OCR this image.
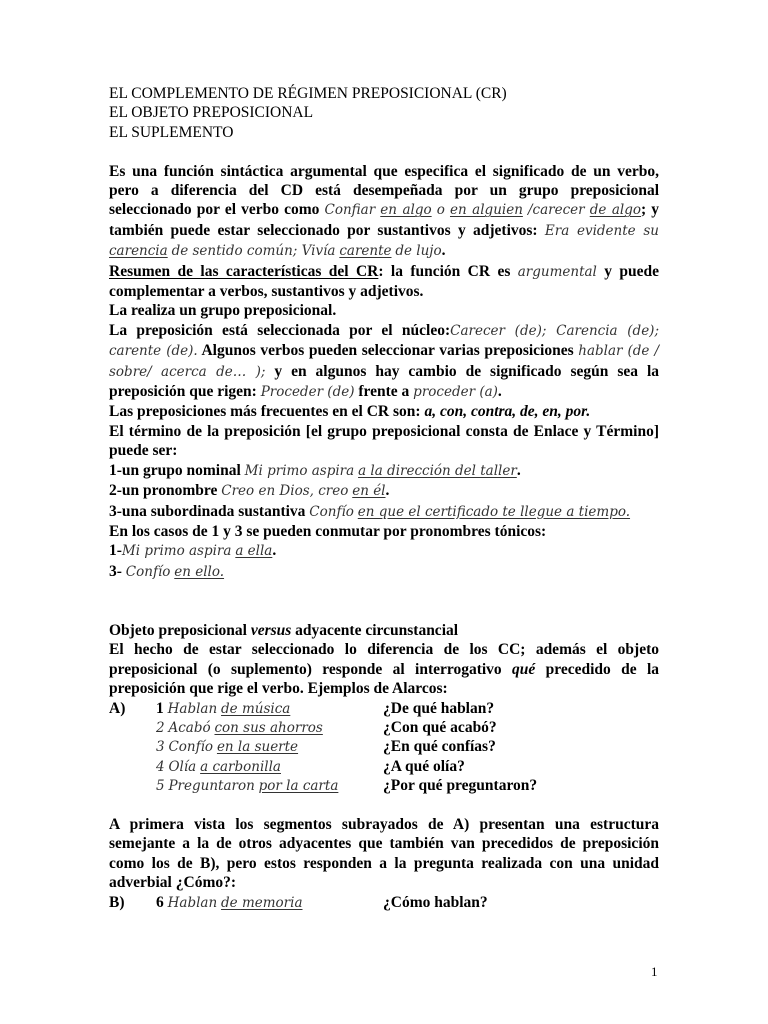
EL COMPLEMENTO DE RÉGIMEN PREPOSICIONAL (CR)
EL OBJETO PREPOSICIONAL
EL SUPLEMENTO
Es una función sintáctica argumental que especifica el significado de un verbo, pero a diferencia del CD está desempeñada por un grupo preposicional seleccionado por el verbo como Confiar en algo o en alguien /carecer de algo; y también puede estar seleccionado por sustantivos y adjetivos: Era evidente su carencia de sentido común; Vivía carente de lujo.
Resumen de las características del CR: la función CR es argumental y puede complementar a verbos, sustantivos y adjetivos.
La realiza un grupo preposicional.
La preposición está seleccionada por el núcleo:Carecer (de); Carencia (de); carente (de). Algunos verbos pueden seleccionar varias preposiciones hablar (de / sobre/ acerca de… ); y en algunos hay cambio de significado según sea la preposición que rigen: Proceder (de) frente a proceder (a).
Las preposiciones más frecuentes en el CR son: a, con, contra, de, en, por.
El término de la preposición [el grupo preposicional consta de Enlace y Término] puede ser:
1-un grupo nominal Mi primo aspira a la dirección del taller.
2-un pronombre Creo en Dios, creo en él.
3-una subordinada sustantiva Confío en que el certificado te llegue a tiempo.
En los casos de 1 y 3 se pueden conmutar por pronombres tónicos:
1-Mi primo aspira a ella.
3- Confío en ello.
Objeto preposicional versus adyacente circunstancial
El hecho de estar seleccionado lo diferencia de los CC; además el objeto preposicional (o suplemento) responde al interrogativo qué precedido de la preposición que rige el verbo. Ejemplos de Alarcos:
A)	1 Hablan de música	¿De qué hablan?
2 Acabó con sus ahorros	¿Con qué acabó?
3 Confío en la suerte	¿En qué confías?
4 Olía a carbonilla	¿A qué olía?
5 Preguntaron por la carta	¿Por qué preguntaron?
A primera vista los segmentos subrayados de A) presentan una estructura semejante a la de otros adyacentes que también van precedidos de preposición como los de B), pero estos responden a la pregunta realizada con una unidad adverbial ¿Cómo?:
B)	6 Hablan de memoria	¿Cómo hablan?
1
